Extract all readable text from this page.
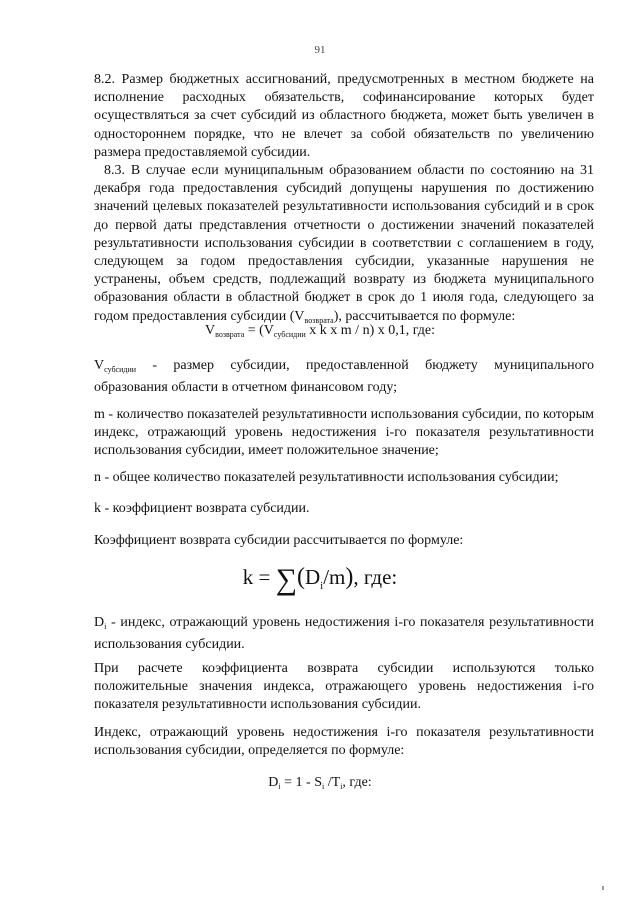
91

8.2. Размер бюджетных ассигнований, предусмотренных в местном бюджете на исполнение расходных обязательств, софинансирование которых будет осуществляться за счет субсидий из областного бюджета, может быть увеличен в одностороннем порядке, что не влечет за собой обязательств по увеличению размера предоставляемой субсидии.

8.3. В случае если муниципальным образованием области по состоянию на 31 декабря года предоставления субсидий допущены нарушения по достижению значений целевых показателей результативности использования субсидий и в срок до первой даты представления отчетности о достижении значений показателей результативности использования субсидии в соответствии с соглашением в году, следующем за годом предоставления субсидии, указанные нарушения не устранены, объем средств, подлежащий возврату из бюджета муниципального образования области в областной бюджет в срок до 1 июля года, следующего за годом предоставления субсидии $(V_{возврата})$, рассчитывается по формуле:

$V_{возврата} = (V_{субсидии}$ x k x m / n) x 0,1, где:

$V_{субсидии}$ - размер субсидии, предоставленной бюджету муниципального образования области в отчетном финансовом году;

m - количество показателей результативности использования субсидии, по которым индекс, отражающий уровень недостижения i-го показателя результативности использования субсидии, имеет положительное значение;

n - общее количество показателей результативности использования субсидии;

k - коэффициент возврата субсидии.

Коэффициент возврата субсидии рассчитывается по формуле:

$k = \sum(D_i/m)$, где:

$D_i$ - индекс, отражающий уровень недостижения i-го показателя результативности использования субсидии.

При расчете коэффициента возврата субсидии используются только положительные значения индекса, отражающего уровень недостижения i-го показателя результативности использования субсидии.

Индекс, отражающий уровень недостижения i-го показателя результативности использования субсидии, определяется по формуле:

$D_i = 1 - S_i$ $/T_i$, где:
